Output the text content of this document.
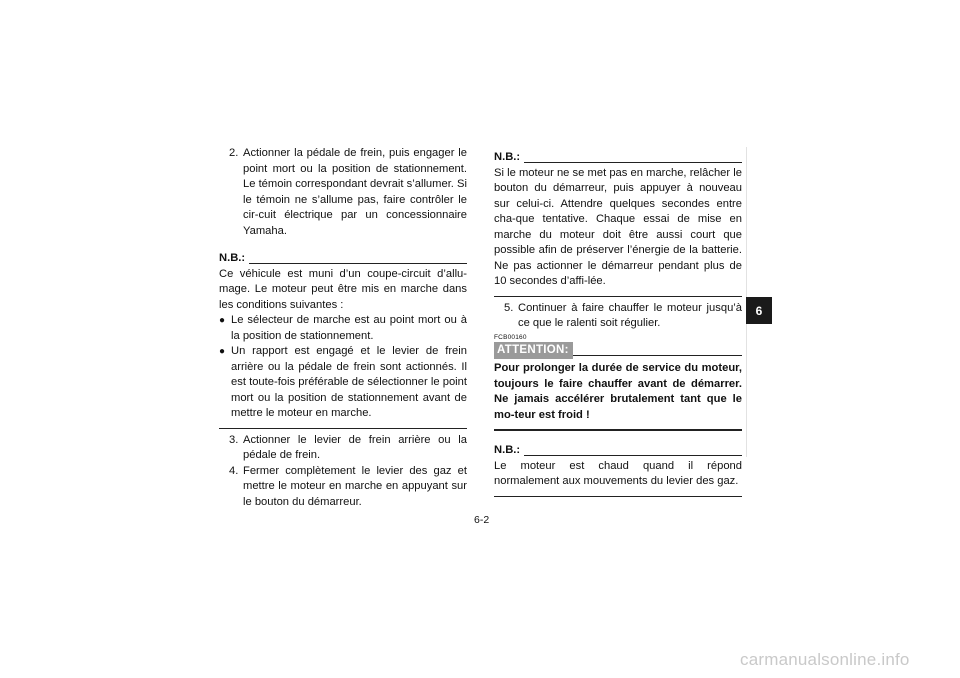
6

2. Actionner la pédale de frein, puis engager le point mort ou la position de stationnement. Le témoin correspondant devrait s’allumer. Si le témoin ne s’allume pas, faire contrôler le cir-cuit électrique par un concessionnaire Yamaha.

N.B.:

Ce véhicule est muni d’un coupe-circuit d’allu-mage. Le moteur peut être mis en marche dans les conditions suivantes :

● Le sélecteur de marche est au point mort ou à la position de stationnement.

● Un rapport est engagé et le levier de frein arrière ou la pédale de frein sont actionnés. Il est toute-fois préférable de sélectionner le point mort ou la position de stationnement avant de mettre le moteur en marche.

3. Actionner le levier de frein arrière ou la pédale de frein.

4. Fermer complètement le levier des gaz et mettre le moteur en marche en appuyant sur le bouton du démarreur.

N.B.:

Si le moteur ne se met pas en marche, relâcher le bouton du démarreur, puis appuyer à nouveau sur celui-ci. Attendre quelques secondes entre cha-que tentative. Chaque essai de mise en marche du moteur doit être aussi court que possible afin de préserver l’énergie de la batterie. Ne pas actionner le démarreur pendant plus de 10 secondes d’affi-lée.

5. Continuer à faire chauffer le moteur jusqu’à ce que le ralenti soit régulier.

FCB00160
ATTENTION:

Pour prolonger la durée de service du moteur, toujours le faire chauffer avant de démarrer. Ne jamais accélérer brutalement tant que le mo-teur est froid !

N.B.:

Le moteur est chaud quand il répond normalement aux mouvements du levier des gaz.

6-2
carmanualsonline.info
